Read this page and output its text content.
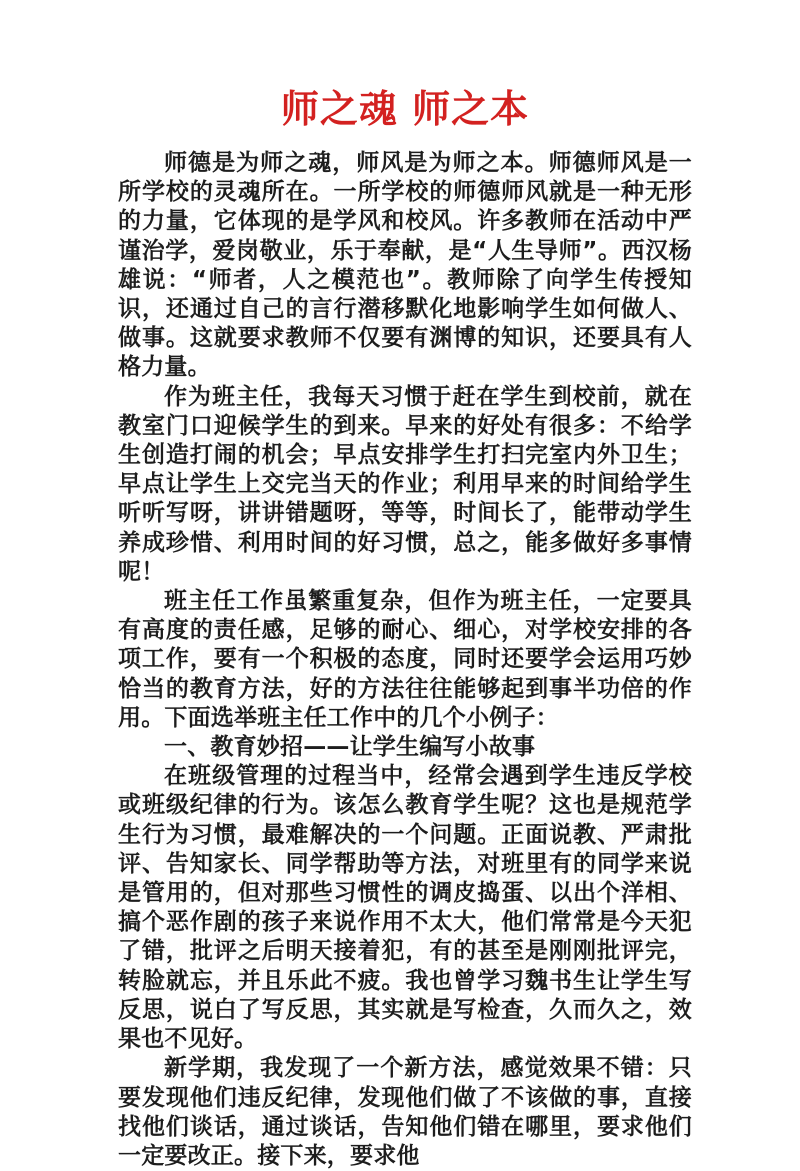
师之魂 师之本

师德是为师之魂，师风是为师之本。师德师风是一所学校的灵魂所在。一所学校的师德师风就是一种无形的力量，它体现的是学风和校风。许多教师在活动中严谨治学，爱岗敬业，乐于奉献，是“人生导师”。西汉杨雄说：“师者，人之模范也”。教师除了向学生传授知识，还通过自己的言行潜移默化地影响学生如何做人、做事。这就要求教师不仅要有渊博的知识，还要具有人格力量。

作为班主任，我每天习惯于赶在学生到校前，就在教室门口迎候学生的到来。早来的好处有很多：不给学生创造打闹的机会；早点安排学生打扫完室内外卫生；早点让学生上交完当天的作业；利用早来的时间给学生听听写呀，讲讲错题呀，等等，时间长了，能带动学生养成珍惜、利用时间的好习惯，总之，能多做好多事情呢！

班主任工作虽繁重复杂，但作为班主任，一定要具有高度的责任感，足够的耐心、细心，对学校安排的各项工作，要有一个积极的态度，同时还要学会运用巧妙恰当的教育方法，好的方法往往能够起到事半功倍的作用。下面选举班主任工作中的几个小例子：

一、教育妙招——让学生编写小故事

在班级管理的过程当中，经常会遇到学生违反学校或班级纪律的行为。该怎么教育学生呢？这也是规范学生行为习惯，最难解决的一个问题。正面说教、严肃批评、告知家长、同学帮助等方法，对班里有的同学来说是管用的，但对那些习惯性的调皮捣蛋、以出个洋相、搞个恶作剧的孩子来说作用不太大，他们常常是今天犯了错，批评之后明天接着犯，有的甚至是刚刚批评完，转脸就忘，并且乐此不疲。我也曾学习魏书生让学生写反思，说白了写反思，其实就是写检查，久而久之，效果也不见好。

新学期，我发现了一个新方法，感觉效果不错：只要发现他们违反纪律，发现他们做了不该做的事，直接找他们谈话，通过谈话，告知他们错在哪里，要求他们一定要改正。接下来，要求他
